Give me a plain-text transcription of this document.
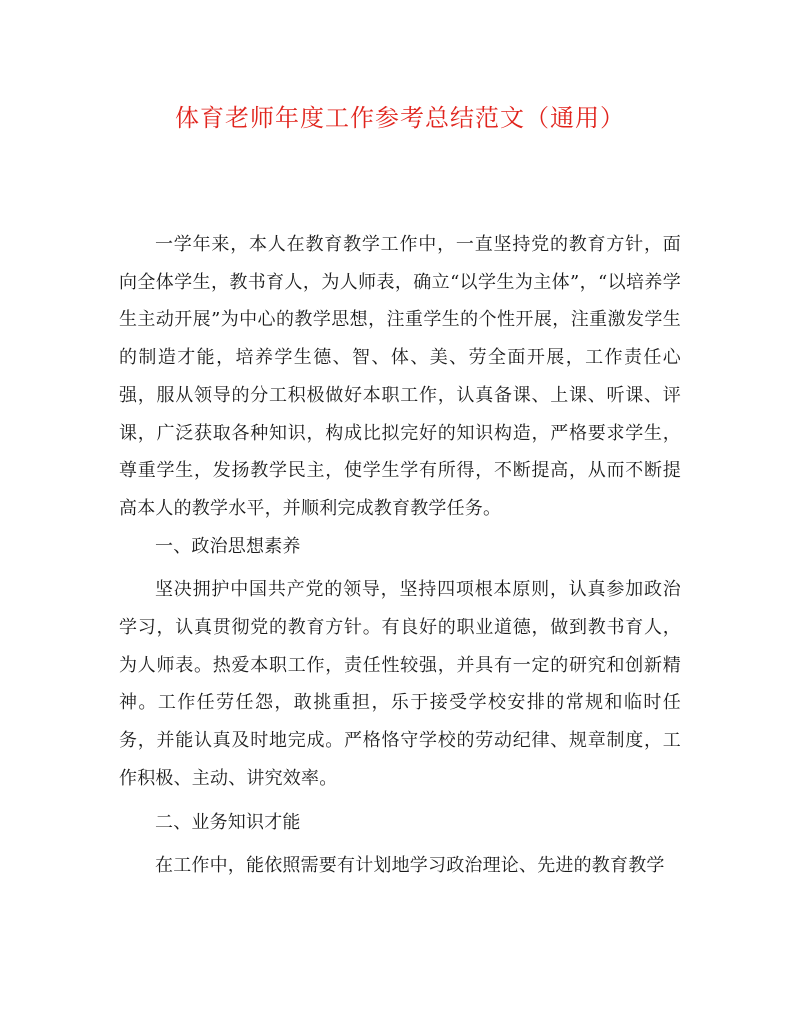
体育老师年度工作参考总结范文（通用）

一学年来，本人在教育教学工作中，一直坚持党的教育方针，面向全体学生，教书育人，为人师表，确立“以学生为主体”，“以培养学生主动开展”为中心的教学思想，注重学生的个性开展，注重激发学生的制造才能，培养学生德、智、体、美、劳全面开展，工作责任心强，服从领导的分工积极做好本职工作，认真备课、上课、听课、评课，广泛获取各种知识，构成比拟完好的知识构造，严格要求学生，尊重学生，发扬教学民主，使学生学有所得，不断提高，从而不断提高本人的教学水平，并顺利完成教育教学任务。

一、政治思想素养

坚决拥护中国共产党的领导，坚持四项根本原则，认真参加政治学习，认真贯彻党的教育方针。有良好的职业道德，做到教书育人，为人师表。热爱本职工作，责任性较强，并具有一定的研究和创新精神。工作任劳任怨，敢挑重担，乐于接受学校安排的常规和临时任务，并能认真及时地完成。严格恪守学校的劳动纪律、规章制度，工作积极、主动、讲究效率。

二、业务知识才能

在工作中，能依照需要有计划地学习政治理论、先进的教育教学
